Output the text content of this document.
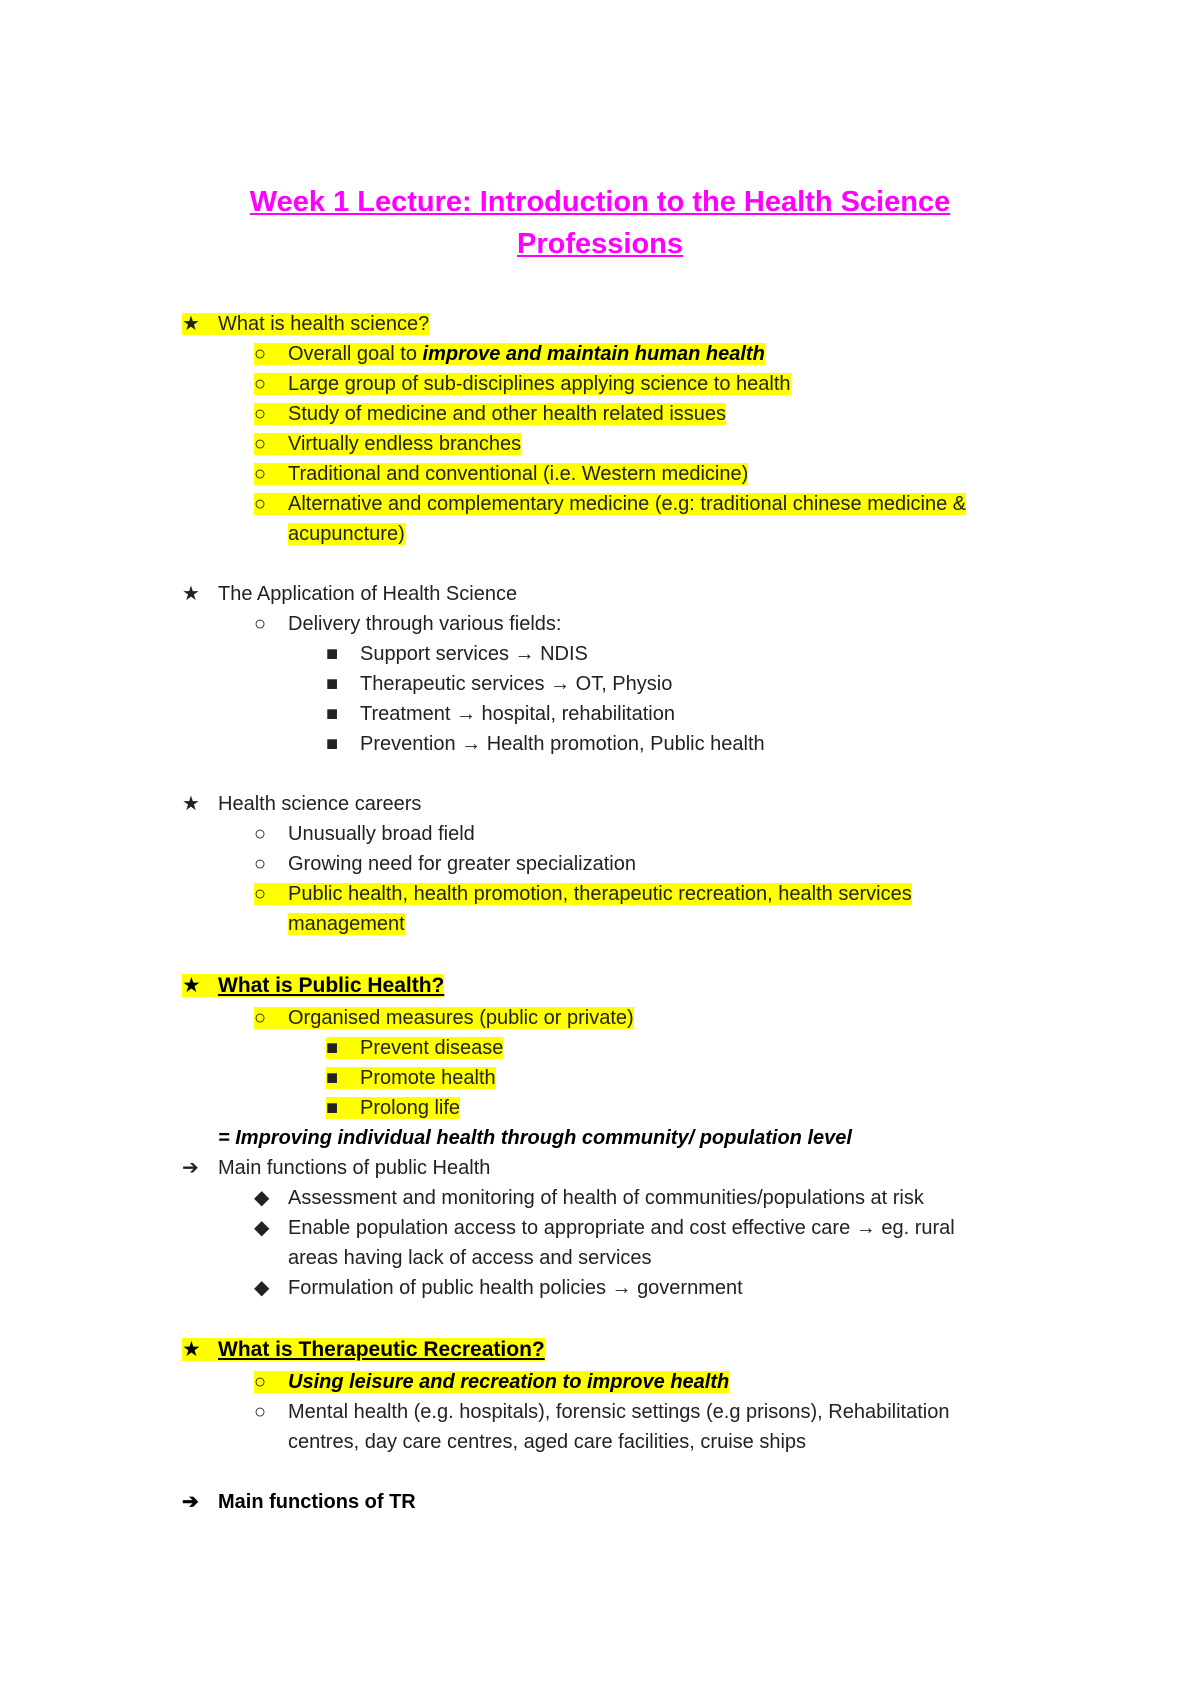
Week 1 Lecture: Introduction to the Health Science
Professions
★ What is health science?
○ Overall goal to improve and maintain human health
○ Large group of sub-disciplines applying science to health
○ Study of medicine and other health related issues
○ Virtually endless branches
○ Traditional and conventional (i.e. Western medicine)
○ Alternative and complementary medicine (e.g: traditional chinese medicine &
acupuncture)
★ The Application of Health Science
○ Delivery through various fields:
■ Support services → NDIS
■ Therapeutic services → OT, Physio
■ Treatment → hospital, rehabilitation
■ Prevention → Health promotion, Public health
★ Health science careers
○ Unusually broad field
○ Growing need for greater specialization
○ Public health, health promotion, therapeutic recreation, health services
management
★ What is Public Health?
○ Organised measures (public or private)
■ Prevent disease
■ Promote health
■ Prolong life
= Improving individual health through community/ population level
➔ Main functions of public Health
◆ Assessment and monitoring of health of communities/populations at risk
◆ Enable population access to appropriate and cost effective care → eg. rural
areas having lack of access and services
◆ Formulation of public health policies → government
★ What is Therapeutic Recreation?
○ Using leisure and recreation to improve health
○ Mental health (e.g. hospitals), forensic settings (e.g prisons), Rehabilitation
centres, day care centres, aged care facilities, cruise ships
➔ Main functions of TR
